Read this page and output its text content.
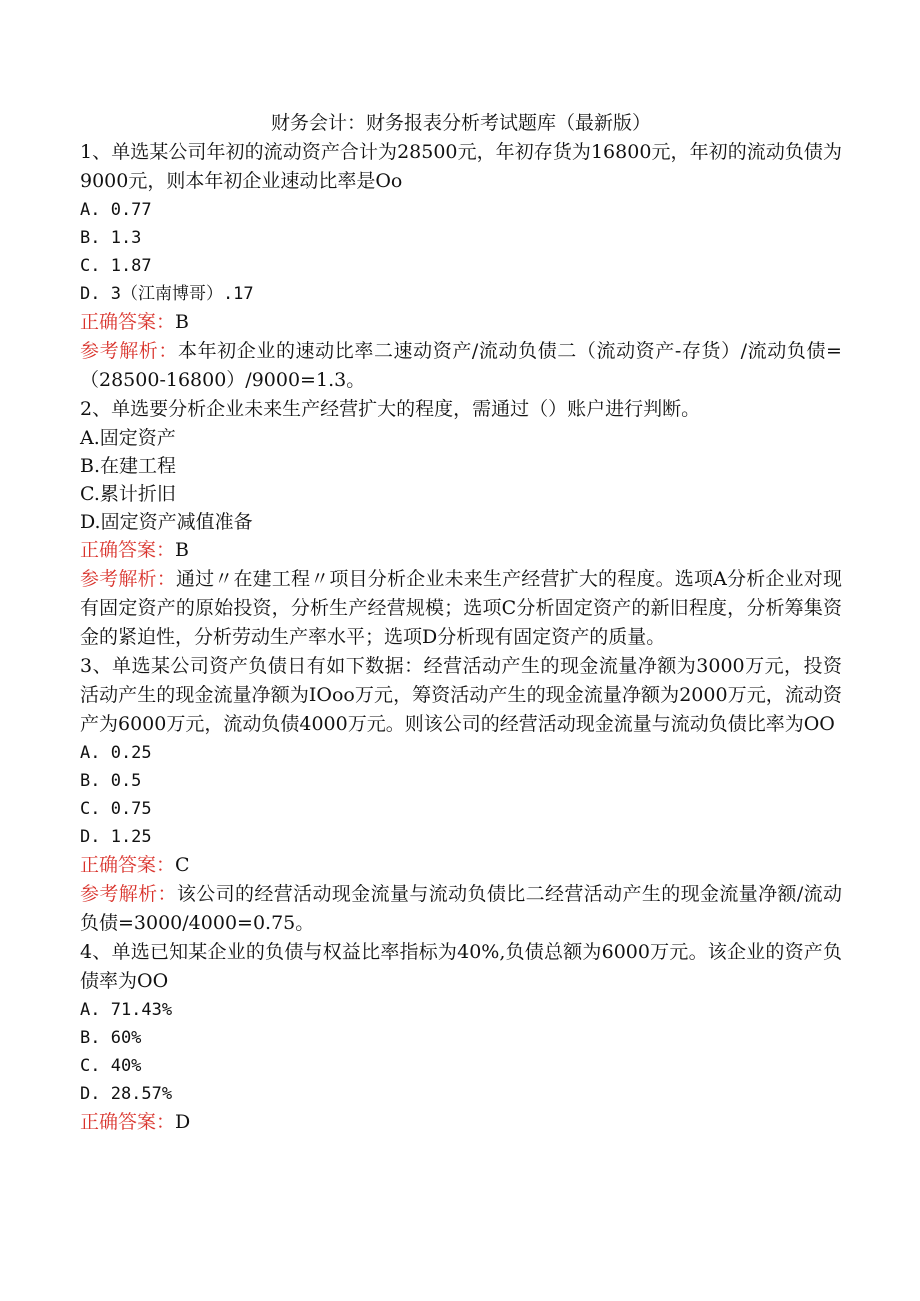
财务会计：财务报表分析考试题库（最新版）

1、单选某公司年初的流动资产合计为28500元，年初存货为16800元，年初的流动负债为9000元，则本年初企业速动比率是Oo

A. 0.77

B. 1.3

C. 1.87

D. 3（江南博哥）.17

正确答案：B

参考解析：本年初企业的速动比率二速动资产/流动负债二（流动资产-存货）/流动负债=（28500-16800）/9000=1.3。

2、单选要分析企业未来生产经营扩大的程度，需通过（）账户进行判断。

A.固定资产

B.在建工程

C.累计折旧

D.固定资产减值准备

正确答案：B

参考解析：通过〃在建工程〃项目分析企业未来生产经营扩大的程度。选项A分析企业对现有固定资产的原始投资，分析生产经营规模；选项C分析固定资产的新旧程度，分析筹集资金的紧迫性，分析劳动生产率水平；选项D分析现有固定资产的质量。

3、单选某公司资产负债日有如下数据：经营活动产生的现金流量净额为3000万元，投资活动产生的现金流量净额为IOoo万元，筹资活动产生的现金流量净额为2000万元，流动资产为6000万元，流动负债4000万元。则该公司的经营活动现金流量与流动负债比率为OO

A. 0.25

B. 0.5

C. 0.75

D. 1.25

正确答案：C

参考解析：该公司的经营活动现金流量与流动负债比二经营活动产生的现金流量净额/流动负债=3000/4000=0.75。

4、单选已知某企业的负债与权益比率指标为40%,负债总额为6000万元。该企业的资产负债率为OO

A. 71.43%

B. 60%

C. 40%

D. 28.57%

正确答案：D
